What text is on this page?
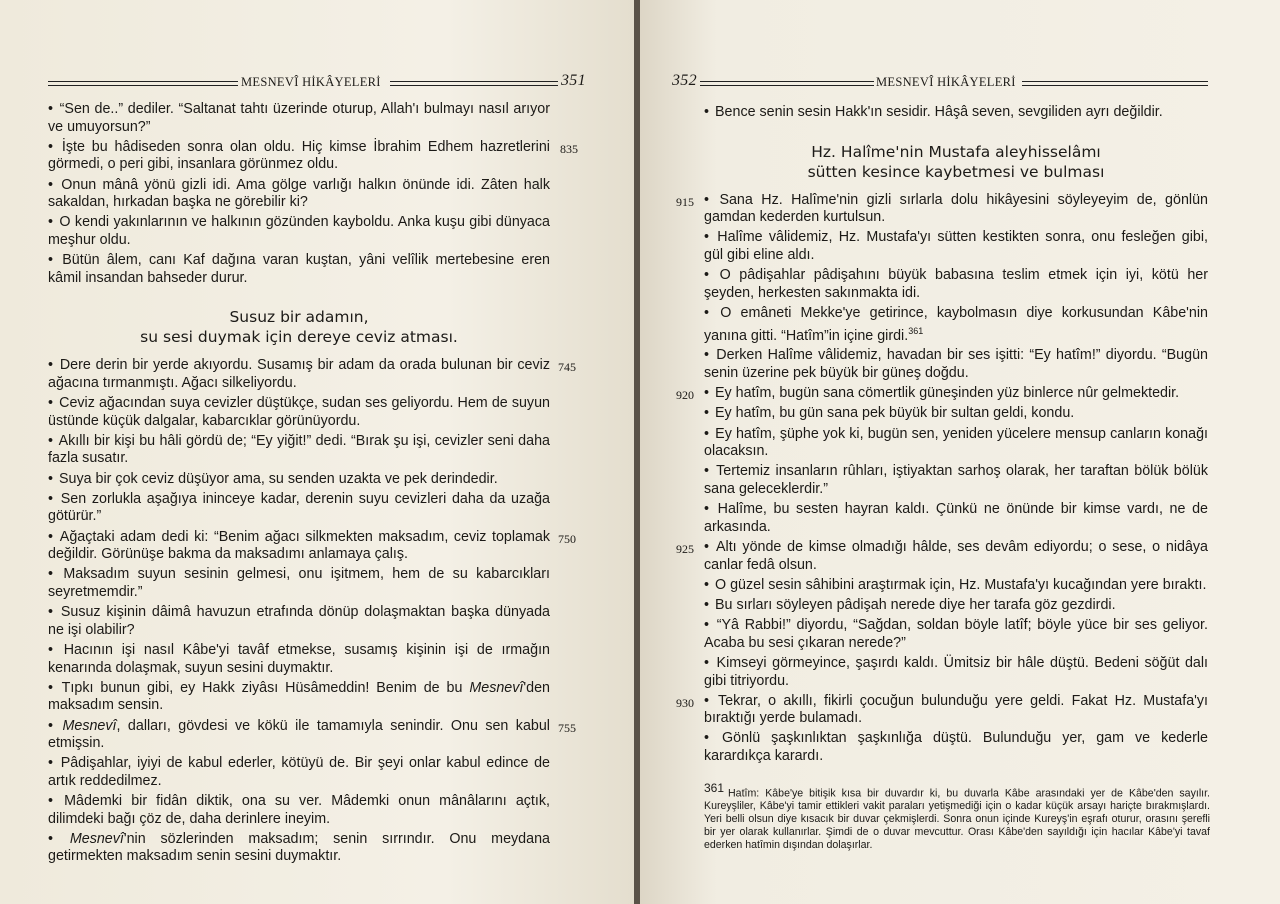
MESNEVÎ HİKÂYELERİ	351

• “Sen de..” dediler. “Saltanat tahtı üzerinde oturup, Allah'ı bulmayı nasıl arıyor ve umuyorsun?”

• İşte bu hâdiseden sonra olan oldu. Hiç kimse İbrahim Edhem hazretlerini görmedi, o peri gibi, insanlara görünmez oldu.
835

• Onun mânâ yönü gizli idi. Ama gölge varlığı halkın önünde idi. Zâten halk sakaldan, hırkadan başka ne görebilir ki?

• O kendi yakınlarının ve halkının gözünden kayboldu. Anka kuşu gibi dünyaca meşhur oldu.

• Bütün âlem, canı Kaf dağına varan kuştan, yâni velîlik mertebesine eren kâmil insandan bahseder durur.

Susuz bir adamın,
su sesi duymak için dereye ceviz atması.

• Dere derin bir yerde akıyordu. Susamış bir adam da orada bulunan bir ceviz ağacına tırmanmıştı. Ağacı silkeliyordu.
745

• Ceviz ağacından suya cevizler düştükçe, sudan ses geliyordu. Hem de suyun üstünde küçük dalgalar, kabarcıklar görünüyordu.

• Akıllı bir kişi bu hâli gördü de; “Ey yiğit!” dedi. “Bırak şu işi, cevizler seni daha fazla susatır.

• Suya bir çok ceviz düşüyor ama, su senden uzakta ve pek derindedir.

• Sen zorlukla aşağıya ininceye kadar, derenin suyu cevizleri daha da uzağa götürür.”

• Ağaçtaki adam dedi ki: “Benim ağacı silkmekten maksadım, ceviz toplamak değildir. Görünüşe bakma da maksadımı anlamaya çalış.
750

• Maksadım suyun sesinin gelmesi, onu işitmem, hem de su kabarcıkları seyretmemdir.”

• Susuz kişinin dâimâ havuzun etrafında dönüp dolaşmaktan başka dünyada ne işi olabilir?

• Hacının işi nasıl Kâbe'yi tavâf etmekse, susamış kişinin işi de ırmağın kenarında dolaşmak, suyun sesini duymaktır.

• Tıpkı bunun gibi, ey Hakk ziyâsı Hüsâmeddin! Benim de bu Mesnevî'den maksadım sensin.

• Mesnevî, dalları, gövdesi ve kökü ile tamamıyla senindir. Onu sen kabul etmişsin.
755

• Pâdişahlar, iyiyi de kabul ederler, kötüyü de. Bir şeyi onlar kabul edince de artık reddedilmez.

• Mâdemki bir fidân diktik, ona su ver. Mâdemki onun mânâlarını açtık, dilimdeki bağı çöz de, daha derinlere ineyim.

• Mesnevî'nin sözlerinden maksadım; senin sırrındır. Onu meydana getirmekten maksadım senin sesini duymaktır.

352	MESNEVÎ HİKÂYELERİ

• Bence senin sesin Hakk'ın sesidir. Hâşâ seven, sevgiliden ayrı değildir.

Hz. Halîme'nin Mustafa aleyhisselâmı
sütten kesince kaybetmesi ve bulması

915 • Sana Hz. Halîme'nin gizli sırlarla dolu hikâyesini söyleyeyim de, gönlün gamdan kederden kurtulsun.

• Halîme vâlidemiz, Hz. Mustafa'yı sütten kestikten sonra, onu fesleğen gibi, gül gibi eline aldı.

• O pâdişahlar pâdişahını büyük babasına teslim etmek için iyi, kötü her şeyden, herkesten sakınmakta idi.

• O emâneti Mekke'ye getirince, kaybolmasın diye korkusundan Kâbe'nin yanına gitti. “Hatîm”in içine girdi.$^{361}$

• Derken Halîme vâlidemiz, havadan bir ses işitti: “Ey hatîm!” diyordu. “Bugün senin üzerine pek büyük bir güneş doğdu.

920 • Ey hatîm, bugün sana cömertlik güneşinden yüz binlerce nûr gelmektedir.

• Ey hatîm, bu gün sana pek büyük bir sultan geldi, kondu.

• Ey hatîm, şüphe yok ki, bugün sen, yeniden yücelere mensup canların konağı olacaksın.

• Tertemiz insanların rûhları, iştiyaktan sarhoş olarak, her taraftan bölük bölük sana geleceklerdir.”

• Halîme, bu sesten hayran kaldı. Çünkü ne önünde bir kimse vardı, ne de arkasında.

925 • Altı yönde de kimse olmadığı hâlde, ses devâm ediyordu; o sese, o nidâya canlar fedâ olsun.

• O güzel sesin sâhibini araştırmak için, Hz. Mustafa'yı kucağından yere bıraktı.

• Bu sırları söyleyen pâdişah nerede diye her tarafa göz gezdirdi.

• “Yâ Rabbi!” diyordu, “Sağdan, soldan böyle latîf; böyle yüce bir ses geliyor. Acaba bu sesi çıkaran nerede?”

• Kimseyi görmeyince, şaşırdı kaldı. Ümitsiz bir hâle düştü. Bedeni söğüt dalı gibi titriyordu.

930 • Tekrar, o akıllı, fikirli çocuğun bulunduğu yere geldi. Fakat Hz. Mustafa'yı bıraktığı yerde bulamadı.

• Gönlü şaşkınlıktan şaşkınlığa düştü. Bulunduğu yer, gam ve kederle karardıkça karardı.

$^{361}$ Hatîm: Kâbe'ye bitişik kısa bir duvardır ki, bu duvarla Kâbe arasındaki yer de Kâbe'den sayılır. Kureyşliler, Kâbe'yi tamir ettikleri vakit paraları yetişmediği için o kadar küçük arsayı hariçte bırakmışlardı. Yeri belli olsun diye kısacık bir duvar çekmişlerdi. Sonra onun içinde Kureyş'in eşrafı oturur, orasını şerefli bir yer olarak kullanırlar. Şimdi de o duvar mevcuttur. Orası Kâbe'den sayıldığı için hacılar Kâbe'yi tavaf ederken hatîmin dışından dolaşırlar.
